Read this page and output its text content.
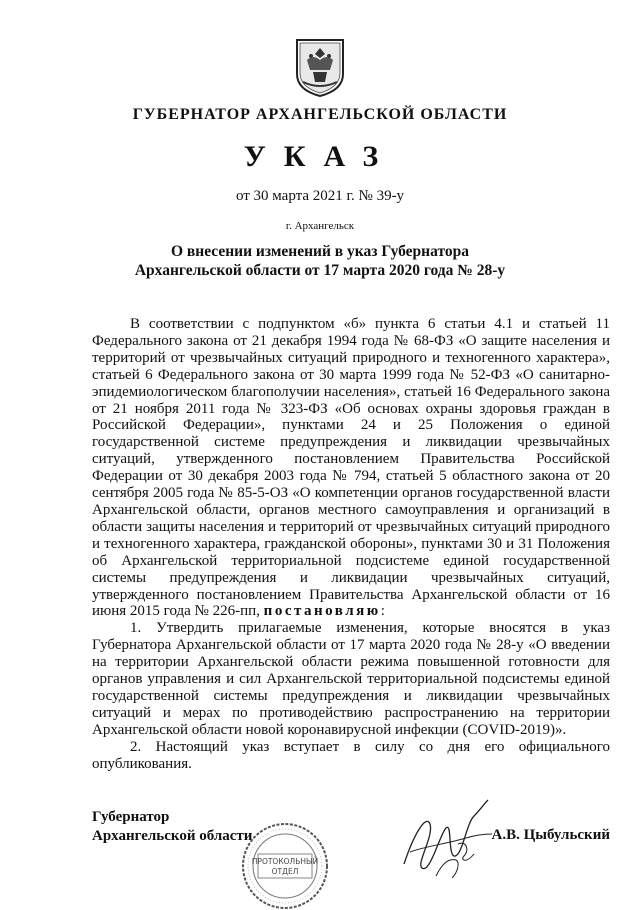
ГУБЕРНАТОР АРХАНГЕЛЬСКОЙ ОБЛАСТИ
УКАЗ
от 30 марта 2021 г. № 39-у
г. Архангельск
О внесении изменений в указ Губернатора
Архангельской области от 17 марта 2020 года № 28-у

В соответствии с подпунктом «б» пункта 6 статьи 4.1 и статьей 11 Федерального закона от 21 декабря 1994 года № 68-ФЗ «О защите населения и территорий от чрезвычайных ситуаций природного и техногенного характера», статьей 6 Федерального закона от 30 марта 1999 года № 52-ФЗ «О санитарно-эпидемиологическом благополучии населения», статьей 16 Федерального закона от 21 ноября 2011 года № 323-ФЗ «Об основах охраны здоровья граждан в Российской Федерации», пунктами 24 и 25 Положения о единой государственной системе предупреждения и ликвидации чрезвычайных ситуаций, утвержденного постановлением Правительства Российской Федерации от 30 декабря 2003 года № 794, статьей 5 областного закона от 20 сентября 2005 года № 85-5-ОЗ «О компетенции органов государственной власти Архангельской области, органов местного самоуправления и организаций в области защиты населения и территорий от чрезвычайных ситуаций природного и техногенного характера, гражданской обороны», пунктами 30 и 31 Положения об Архангельской территориальной подсистеме единой государственной системы предупреждения и ликвидации чрезвычайных ситуаций, утвержденного постановлением Правительства Архангельской области от 16 июня 2015 года № 226-пп, постановляю:

1. Утвердить прилагаемые изменения, которые вносятся в указ Губернатора Архангельской области от 17 марта 2020 года № 28-у «О введении на территории Архангельской области режима повышенной готовности для органов управления и сил Архангельской территориальной подсистемы единой государственной системы предупреждения и ликвидации чрезвычайных ситуаций и мерах по противодействию распространению на территории Архангельской области новой коронавирусной инфекции (COVID-2019)».

2. Настоящий указ вступает в силу со дня его официального опубликования.

Губернатор
Архангельской области
ПРОТОКОЛЬНЫЙ
ОТДЕЛ
А.В. Цыбульский
